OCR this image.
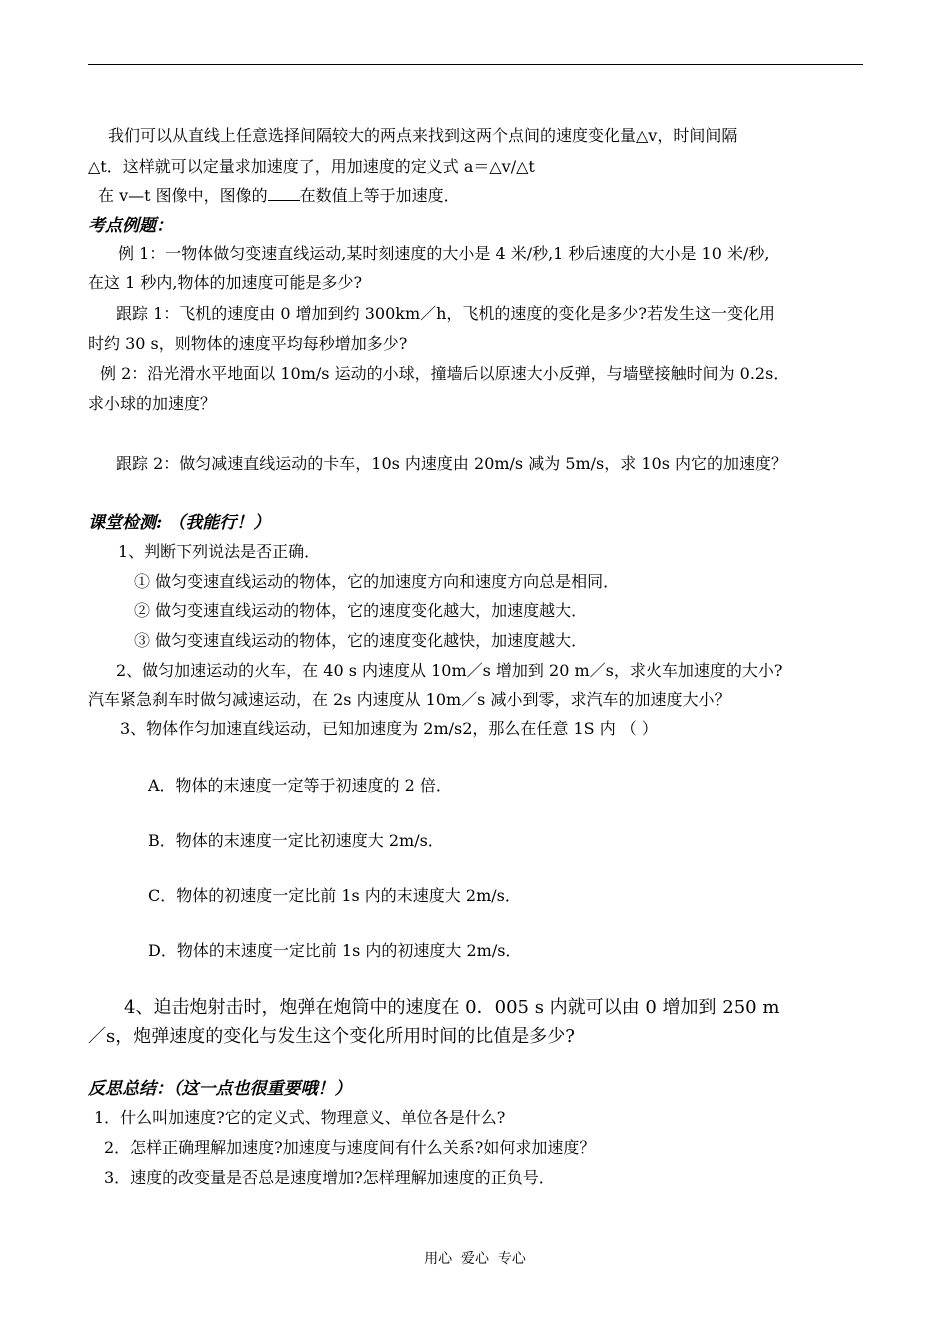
我们可以从直线上任意选择间隔较大的两点来找到这两个点间的速度变化量△v，时间间隔
△t．这样就可以定量求加速度了，用加速度的定义式 a＝△v/△t
在 v—t 图像中，图像的 在数值上等于加速度．
考点例题：
例 1：一物体做匀变速直线运动,某时刻速度的大小是 4 米/秒,1 秒后速度的大小是 10 米/秒,
在这 1 秒内,物体的加速度可能是多少?
跟踪 1：飞机的速度由 0 增加到约 300km／h，飞机的速度的变化是多少?若发生这一变化用
时约 30 s，则物体的速度平均每秒增加多少?
例 2：沿光滑水平地面以 10m/s 运动的小球，撞墙后以原速大小反弹，与墙壁接触时间为 0.2s．
求小球的加速度？
跟踪 2：做匀减速直线运动的卡车，10s 内速度由 20m/s 减为 5m/s，求 10s 内它的加速度？
课堂检测: （我能行！）
1、判断下列说法是否正确．
① 做匀变速直线运动的物体，它的加速度方向和速度方向总是相同．
② 做匀变速直线运动的物体，它的速度变化越大，加速度越大．
③ 做匀变速直线运动的物体，它的速度变化越快，加速度越大．
2、做匀加速运动的火车，在 40 s 内速度从 10m／s 增加到 20 m／s，求火车加速度的大小?
汽车紧急刹车时做匀减速运动，在 2s 内速度从 10m／s 减小到零，求汽车的加速度大小？
3、物体作匀加速直线运动，已知加速度为 2m/s2，那么在任意 1S 内 （ ）
A．物体的末速度一定等于初速度的 2 倍．
B．物体的末速度一定比初速度大 2m/s．
C．物体的初速度一定比前 1s 内的末速度大 2m/s．
D．物体的末速度一定比前 1s 内的初速度大 2m/s．
4、迫击炮射击时，炮弹在炮筒中的速度在 0．005 s 内就可以由 0 增加到 250 m
／s，炮弹速度的变化与发生这个变化所用时间的比值是多少?
反思总结：（这一点也很重要哦！）
1．什么叫加速度?它的定义式、物理意义、单位各是什么?
2．怎样正确理解加速度?加速度与速度间有什么关系?如何求加速度？
3．速度的改变量是否总是速度增加?怎样理解加速度的正负号．
用心  爱心  专心
